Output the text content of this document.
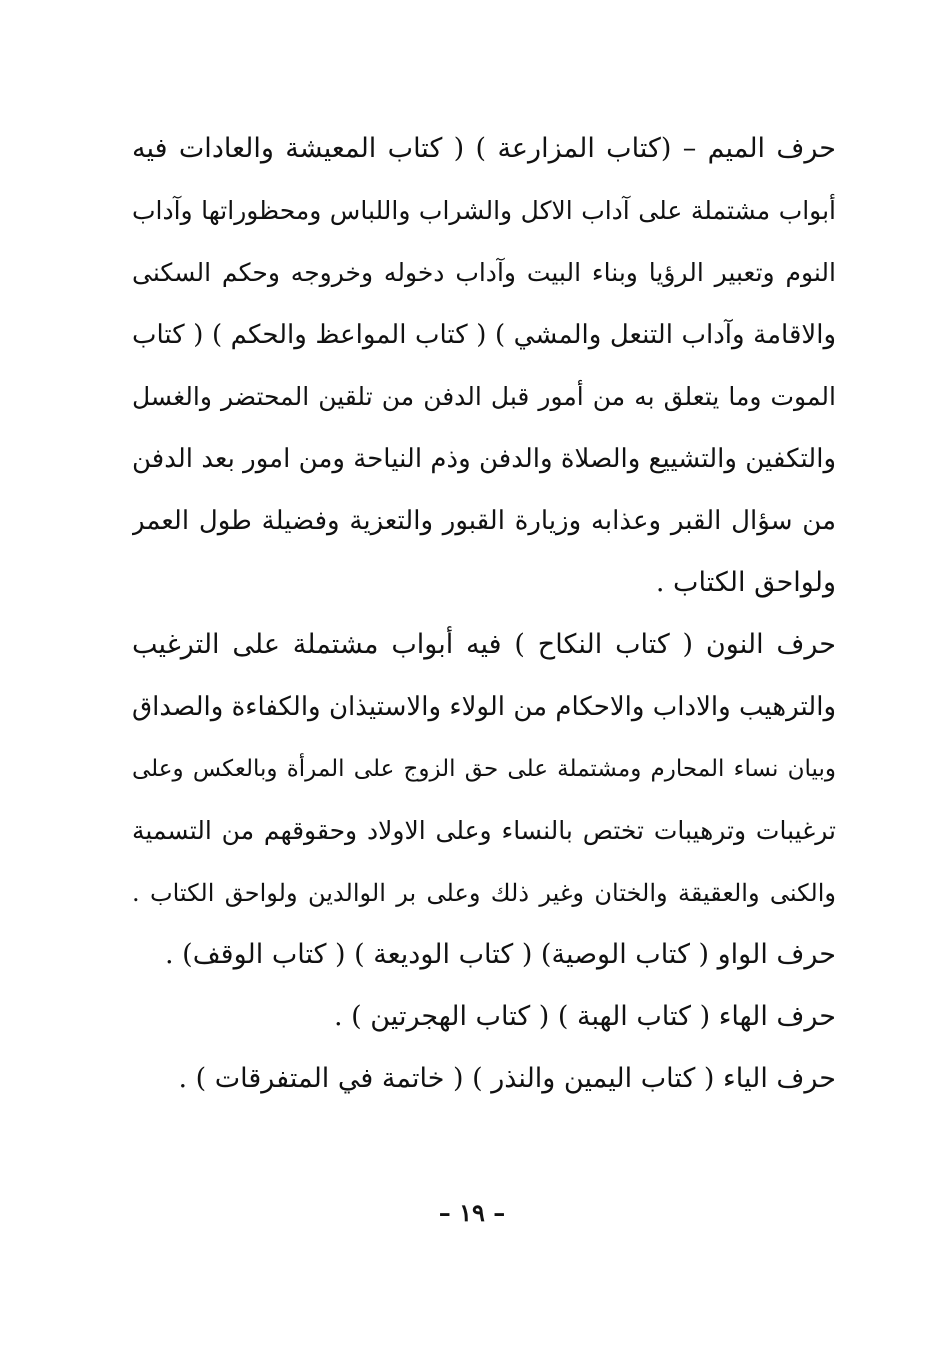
حرف الميم – (كتاب المزارعة ) ( كتاب المعيشة والعادات فيه
أبواب مشتملة على آداب الاكل والشراب واللباس ومحظوراتها وآداب
النوم وتعبير الرؤيا وبناء البيت وآداب دخوله وخروجه وحكم السكنى
والاقامة وآداب التنعل والمشي ) ( كتاب المواعظ والحكم ) ( كتاب
الموت وما يتعلق به من أمور قبل الدفن من تلقين المحتضر والغسل
والتكفين والتشييع والصلاة والدفن وذم النياحة ومن امور بعد الدفن
من سؤال القبر وعذابه وزيارة القبور والتعزية وفضيلة طول العمر
ولواحق الكتاب .
حرف النون ( كتاب النكاح ) فيه أبواب مشتملة على الترغيب
والترهيب والاداب والاحكام من الولاء والاستيذان والكفاءة والصداق
وبيان نساء المحارم ومشتملة على حق الزوج على المرأة وبالعكس وعلى
ترغيبات وترهيبات تختص بالنساء وعلى الاولاد وحقوقهم من التسمية
والكنى والعقيقة والختان وغير ذلك وعلى بر الوالدين ولواحق الكتاب .
حرف الواو ( كتاب الوصية) ( كتاب الوديعة ) ( كتاب الوقف) .
حرف الهاء ( كتاب الهبة ) ( كتاب الهجرتين ) .
حرف الياء ( كتاب اليمين والنذر ) ( خاتمة في المتفرقات ) .
– ١٩ –
